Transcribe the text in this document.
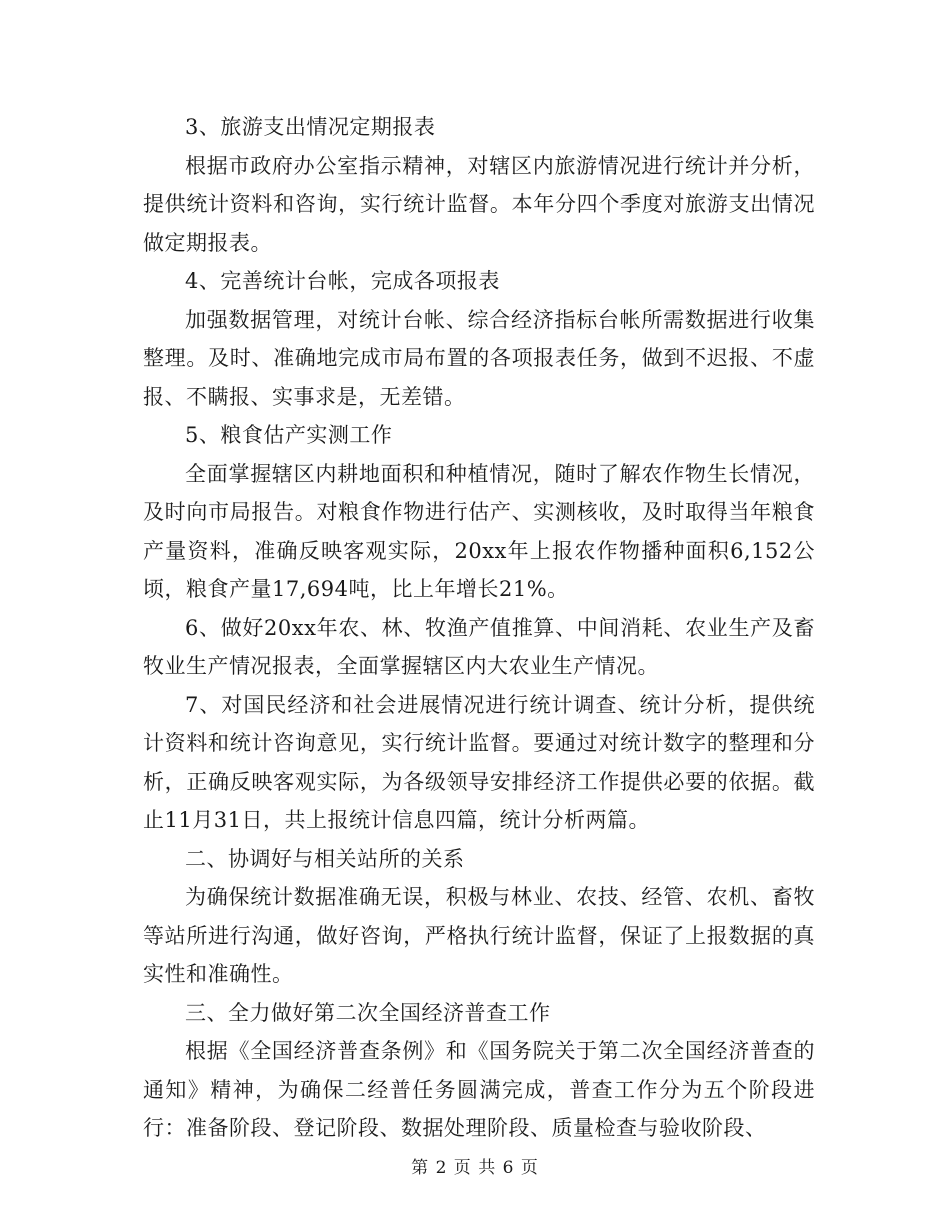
3、旅游支出情况定期报表

根据市政府办公室指示精神，对辖区内旅游情况进行统计并分析，提供统计资料和咨询，实行统计监督。本年分四个季度对旅游支出情况做定期报表。

4、完善统计台帐，完成各项报表

加强数据管理，对统计台帐、综合经济指标台帐所需数据进行收集整理。及时、准确地完成市局布置的各项报表任务，做到不迟报、不虚报、不瞒报、实事求是，无差错。

5、粮食估产实测工作

全面掌握辖区内耕地面积和种植情况，随时了解农作物生长情况，及时向市局报告。对粮食作物进行估产、实测核收，及时取得当年粮食产量资料，准确反映客观实际，20xx年上报农作物播种面积6,152公顷，粮食产量17,694吨，比上年增长21%。

6、做好20xx年农、林、牧渔产值推算、中间消耗、农业生产及畜牧业生产情况报表，全面掌握辖区内大农业生产情况。

7、对国民经济和社会进展情况进行统计调查、统计分析，提供统计资料和统计咨询意见，实行统计监督。要通过对统计数字的整理和分析，正确反映客观实际，为各级领导安排经济工作提供必要的依据。截止11月31日，共上报统计信息四篇，统计分析两篇。

二、协调好与相关站所的关系

为确保统计数据准确无误，积极与林业、农技、经管、农机、畜牧等站所进行沟通，做好咨询，严格执行统计监督，保证了上报数据的真实性和准确性。

三、全力做好第二次全国经济普查工作

根据《全国经济普查条例》和《国务院关于第二次全国经济普查的通知》精神，为确保二经普任务圆满完成，普查工作分为五个阶段进行：准备阶段、登记阶段、数据处理阶段、质量检查与验收阶段、

第 2 页 共 6 页
